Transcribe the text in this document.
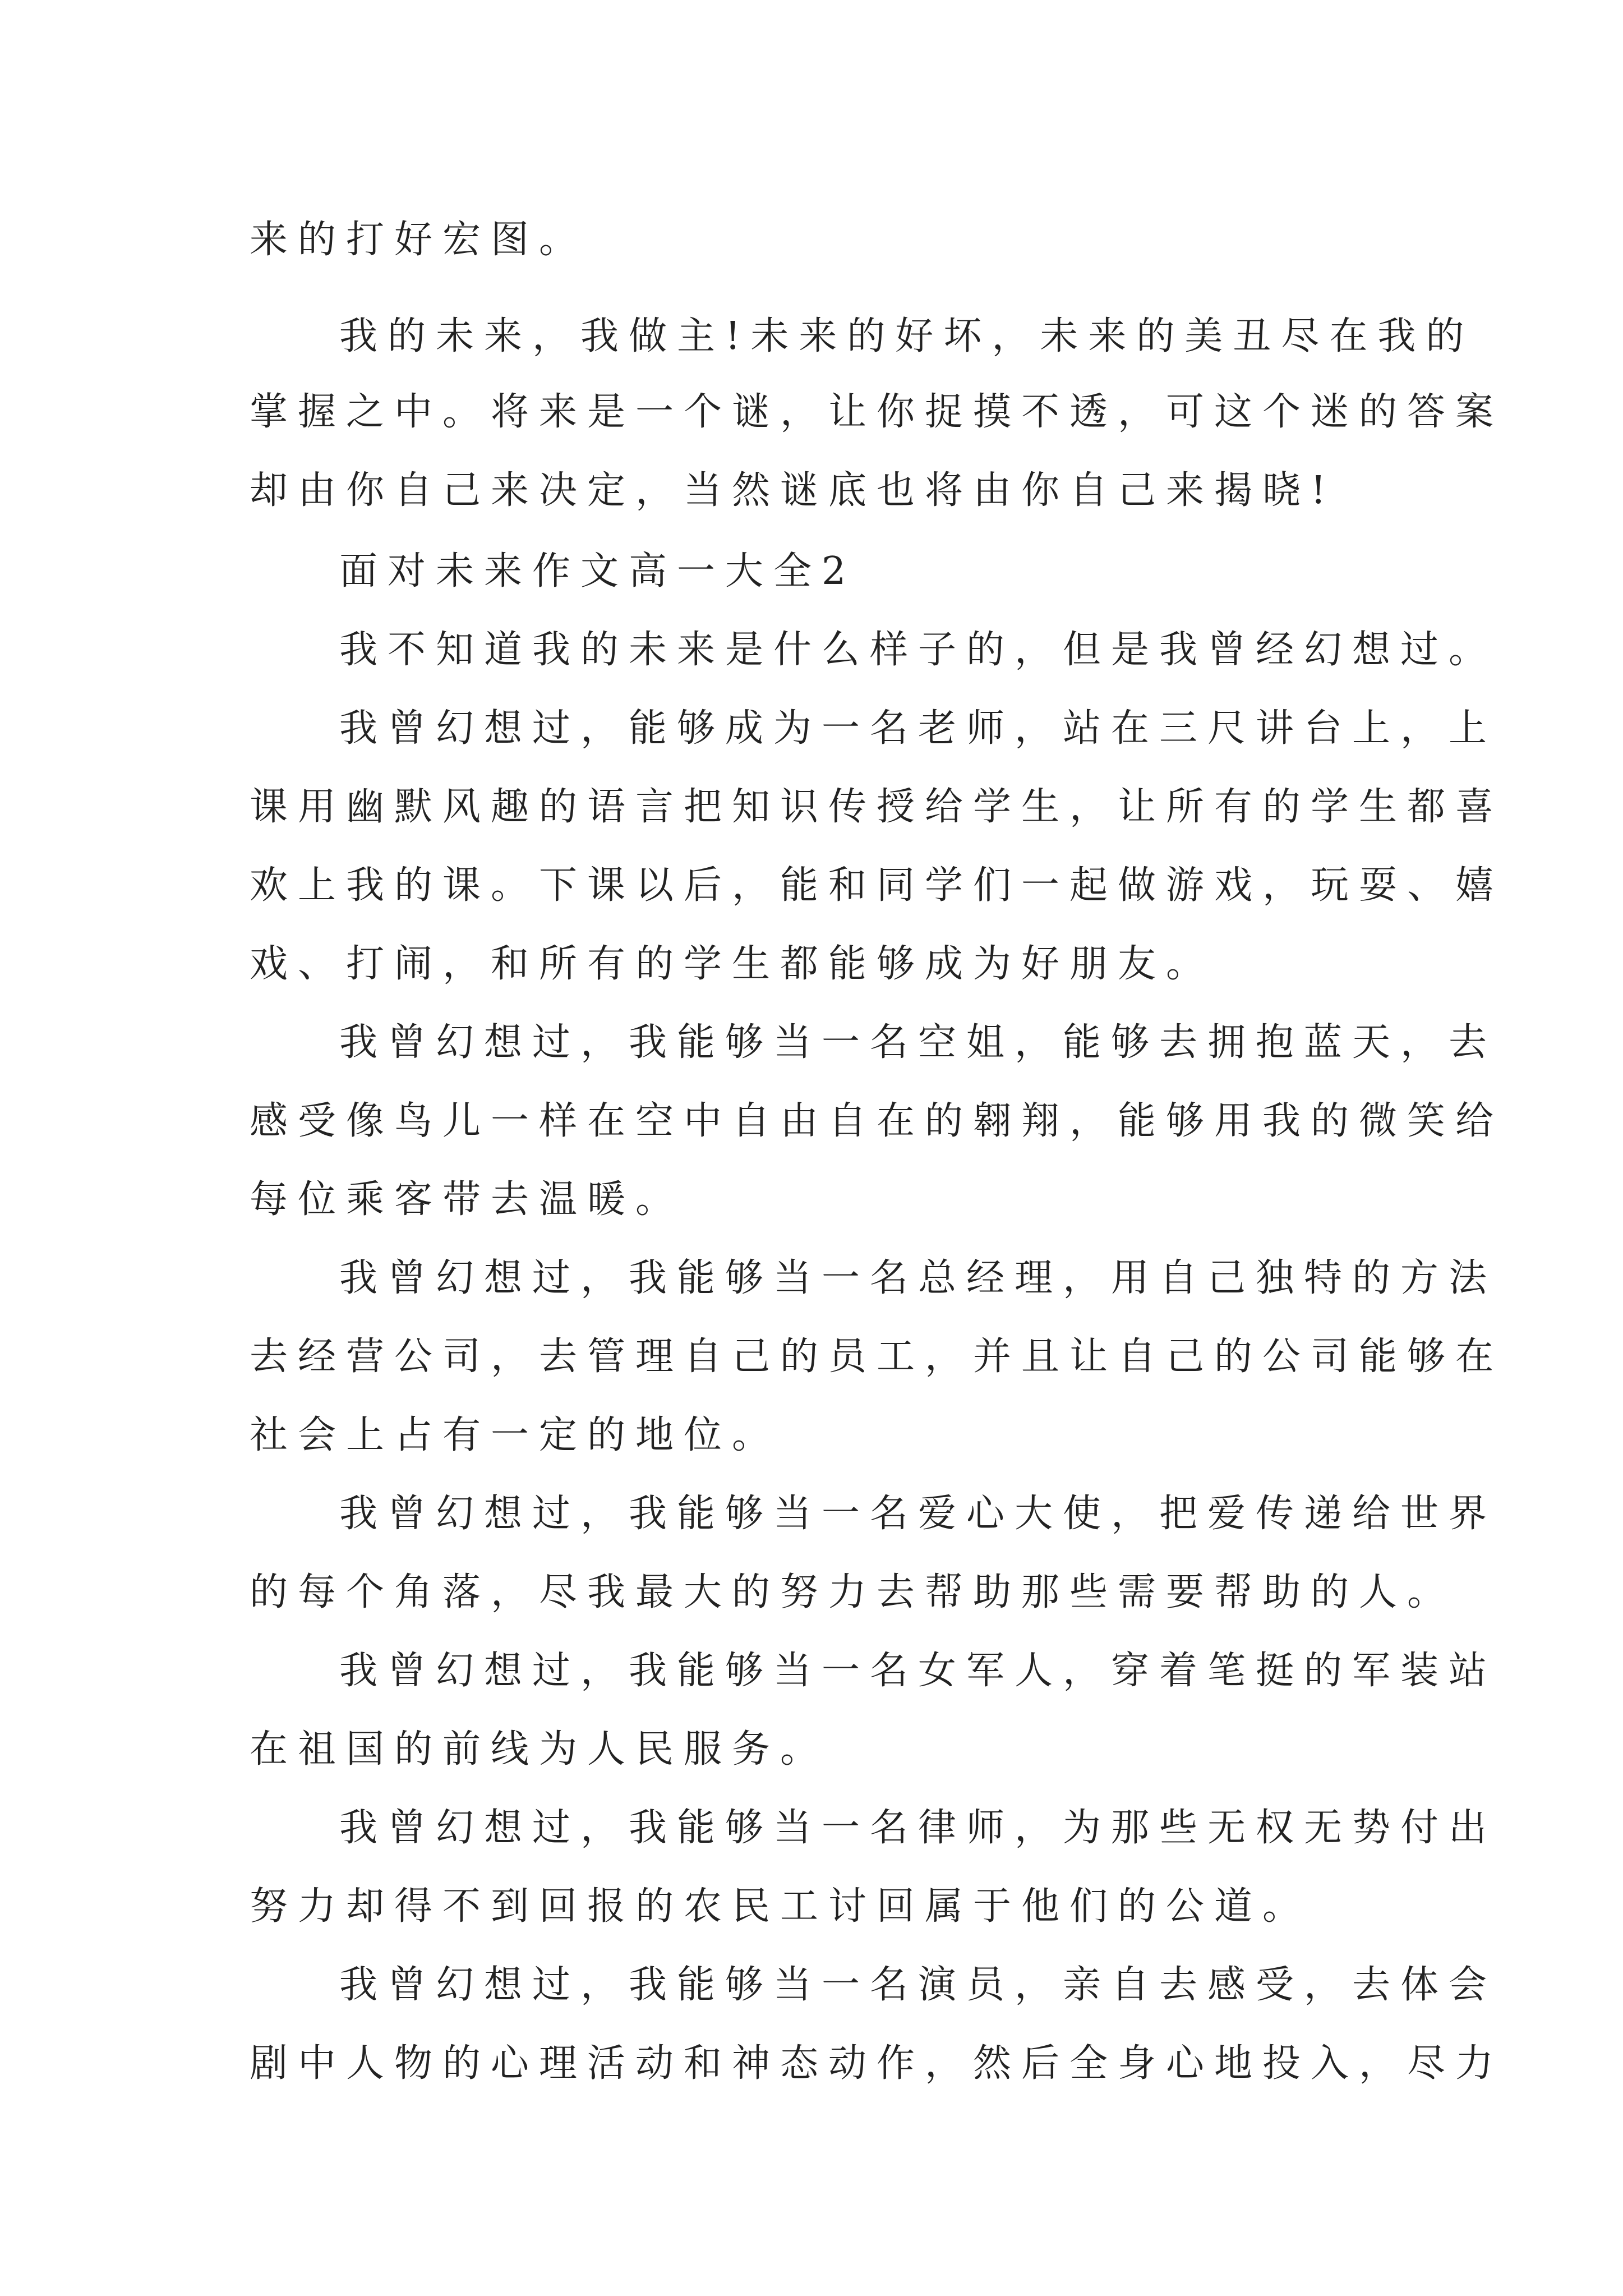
来的打好宏图。
我的未来，我做主!未来的好坏，未来的美丑尽在我的
掌握之中。将来是一个谜，让你捉摸不透，可这个迷的答案
却由你自己来决定，当然谜底也将由你自己来揭晓!
面对未来作文高一大全2
我不知道我的未来是什么样子的，但是我曾经幻想过。
我曾幻想过，能够成为一名老师，站在三尺讲台上，上
课用幽默风趣的语言把知识传授给学生，让所有的学生都喜
欢上我的课。下课以后，能和同学们一起做游戏，玩耍、嬉
戏、打闹，和所有的学生都能够成为好朋友。
我曾幻想过，我能够当一名空姐，能够去拥抱蓝天，去
感受像鸟儿一样在空中自由自在的翱翔，能够用我的微笑给
每位乘客带去温暖。
我曾幻想过，我能够当一名总经理，用自己独特的方法
去经营公司，去管理自己的员工，并且让自己的公司能够在
社会上占有一定的地位。
我曾幻想过，我能够当一名爱心大使，把爱传递给世界
的每个角落，尽我最大的努力去帮助那些需要帮助的人。
我曾幻想过，我能够当一名女军人，穿着笔挺的军装站
在祖国的前线为人民服务。
我曾幻想过，我能够当一名律师，为那些无权无势付出
努力却得不到回报的农民工讨回属于他们的公道。
我曾幻想过，我能够当一名演员，亲自去感受，去体会
剧中人物的心理活动和神态动作，然后全身心地投入，尽力
